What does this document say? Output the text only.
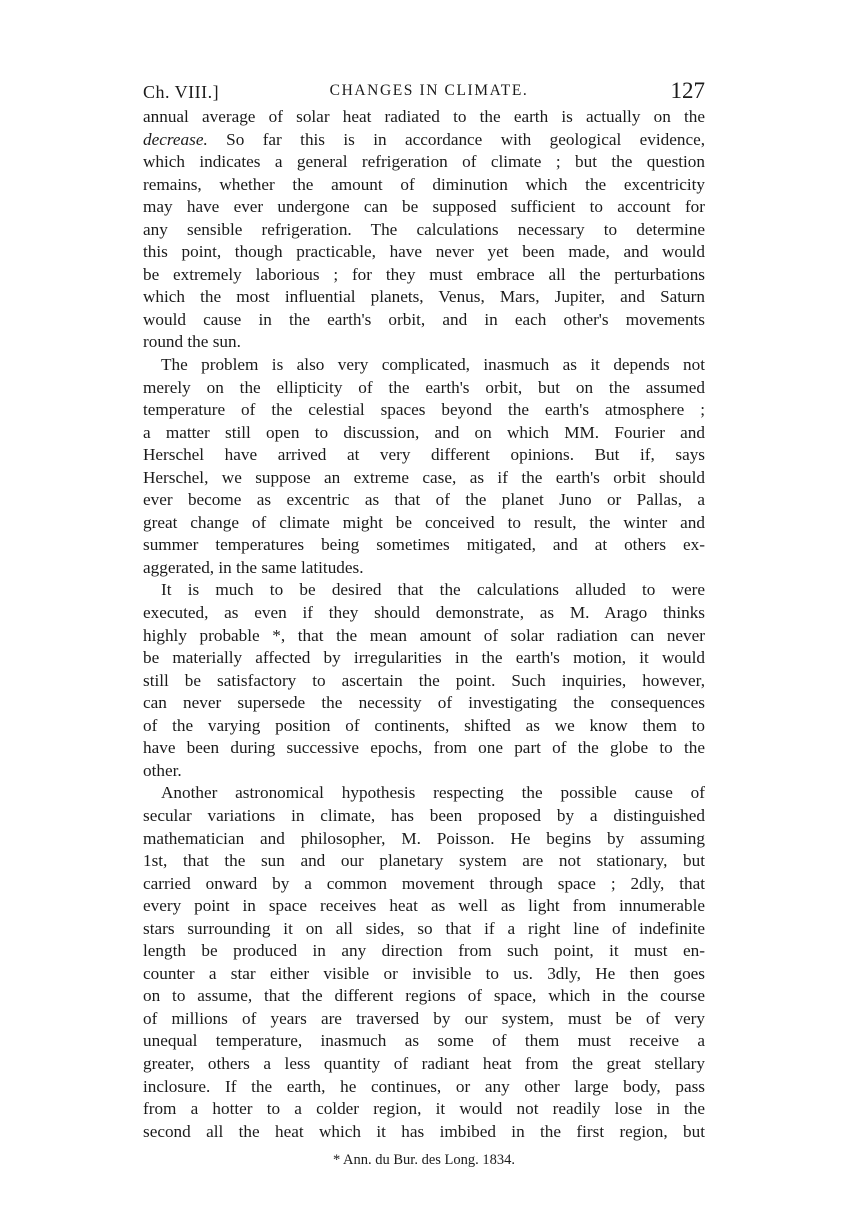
Ch. VIII.]	CHANGES IN CLIMATE.	127

annual average of solar heat radiated to the earth is actually on the
decrease. So far this is in accordance with geological evidence,
which indicates a general refrigeration of climate ; but the question
remains, whether the amount of diminution which the excentricity
may have ever undergone can be supposed sufficient to account for
any sensible refrigeration. The calculations necessary to determine
this point, though practicable, have never yet been made, and would
be extremely laborious ; for they must embrace all the perturbations
which the most influential planets, Venus, Mars, Jupiter, and Saturn
would cause in the earth's orbit, and in each other's movements
round the sun.

The problem is also very complicated, inasmuch as it depends not
merely on the ellipticity of the earth's orbit, but on the assumed
temperature of the celestial spaces beyond the earth's atmosphere ;
a matter still open to discussion, and on which MM. Fourier and
Herschel have arrived at very different opinions. But if, says
Herschel, we suppose an extreme case, as if the earth's orbit should
ever become as excentric as that of the planet Juno or Pallas, a
great change of climate might be conceived to result, the winter and
summer temperatures being sometimes mitigated, and at others ex-
aggerated, in the same latitudes.

It is much to be desired that the calculations alluded to were
executed, as even if they should demonstrate, as M. Arago thinks
highly probable *, that the mean amount of solar radiation can never
be materially affected by irregularities in the earth's motion, it would
still be satisfactory to ascertain the point. Such inquiries, however,
can never supersede the necessity of investigating the consequences
of the varying position of continents, shifted as we know them to
have been during successive epochs, from one part of the globe to the
other.

Another astronomical hypothesis respecting the possible cause of
secular variations in climate, has been proposed by a distinguished
mathematician and philosopher, M. Poisson. He begins by assuming
1st, that the sun and our planetary system are not stationary, but
carried onward by a common movement through space ; 2dly, that
every point in space receives heat as well as light from innumerable
stars surrounding it on all sides, so that if a right line of indefinite
length be produced in any direction from such point, it must en-
counter a star either visible or invisible to us. 3dly, He then goes
on to assume, that the different regions of space, which in the course
of millions of years are traversed by our system, must be of very
unequal temperature, inasmuch as some of them must receive a
greater, others a less quantity of radiant heat from the great stellary
inclosure. If the earth, he continues, or any other large body, pass
from a hotter to a colder region, it would not readily lose in the
second all the heat which it has imbibed in the first region, but

* Ann. du Bur. des Long. 1834.
